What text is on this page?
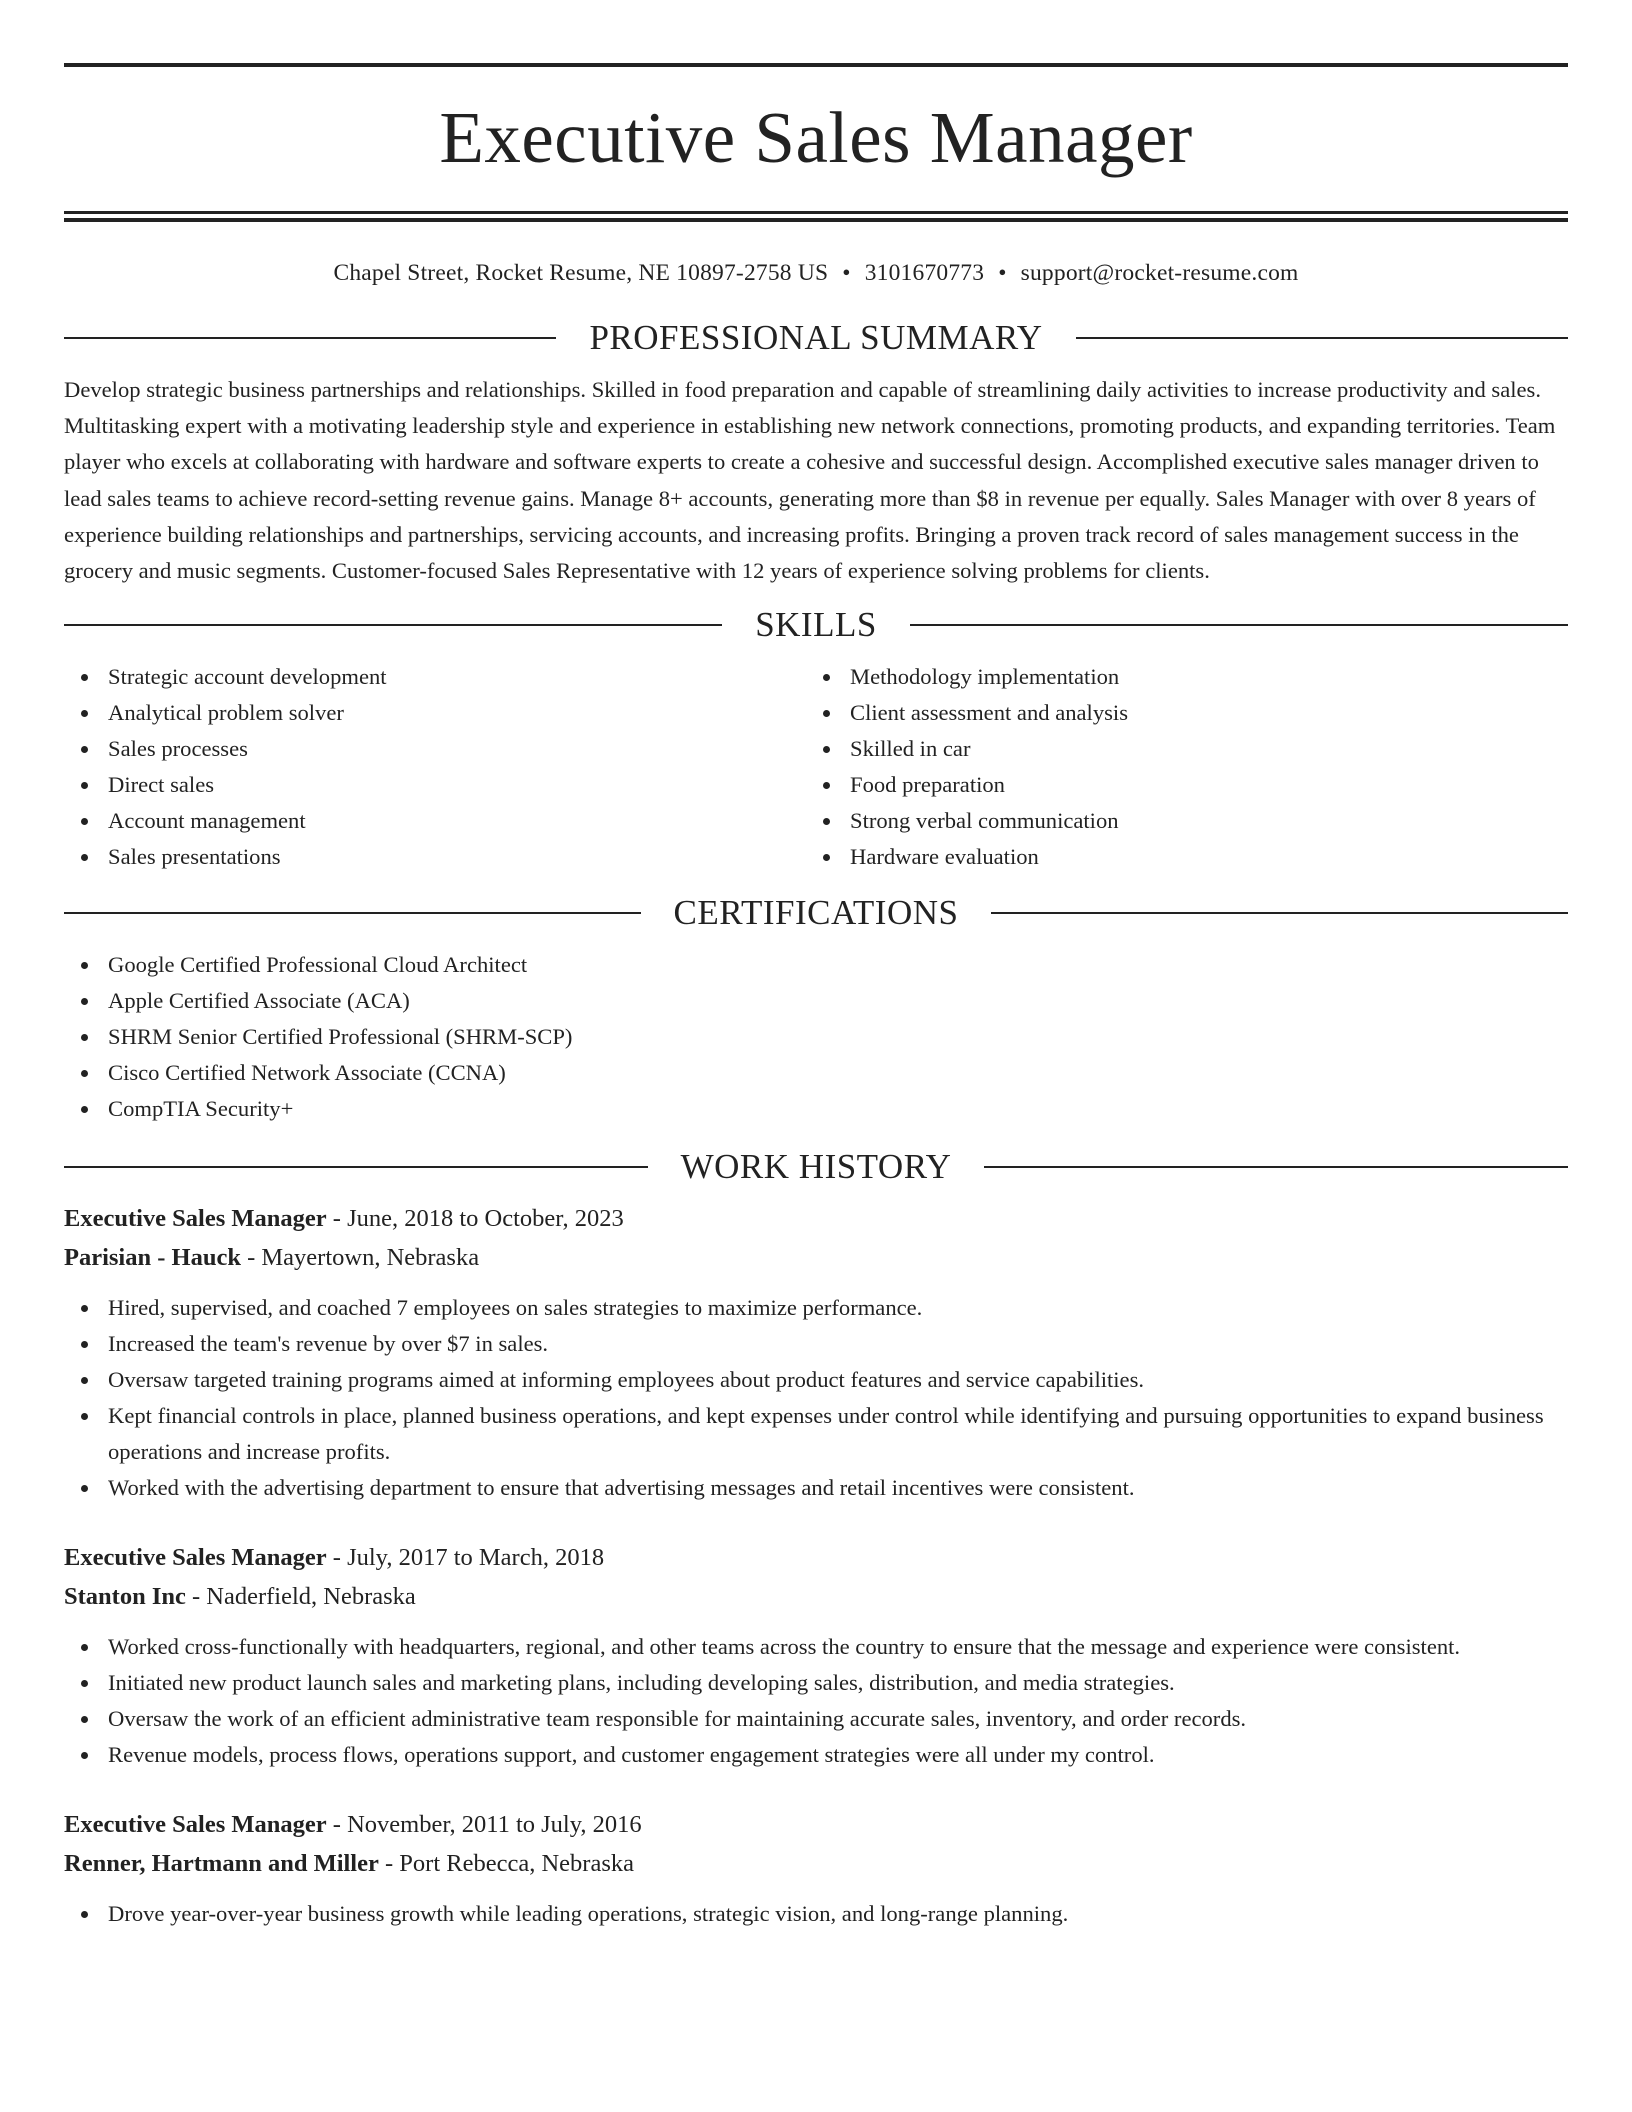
Executive Sales Manager
Chapel Street, Rocket Resume, NE 10897-2758 US • 3101670773 • support@rocket-resume.com
PROFESSIONAL SUMMARY

Develop strategic business partnerships and relationships. Skilled in food preparation and capable of streamlining daily activities to increase productivity and sales. Multitasking expert with a motivating leadership style and experience in establishing new network connections, promoting products, and expanding territories. Team player who excels at collaborating with hardware and software experts to create a cohesive and successful design. Accomplished executive sales manager driven to lead sales teams to achieve record-setting revenue gains. Manage 8+ accounts, generating more than $8 in revenue per equally. Sales Manager with over 8 years of experience building relationships and partnerships, servicing accounts, and increasing profits. Bringing a proven track record of sales management success in the grocery and music segments. Customer-focused Sales Representative with 12 years of experience solving problems for clients.

SKILLS
Strategic account development
Analytical problem solver
Sales processes
Direct sales
Account management
Sales presentations
Methodology implementation
Client assessment and analysis
Skilled in car
Food preparation
Strong verbal communication
Hardware evaluation
CERTIFICATIONS
Google Certified Professional Cloud Architect
Apple Certified Associate (ACA)
SHRM Senior Certified Professional (SHRM-SCP)
Cisco Certified Network Associate (CCNA)
CompTIA Security+
WORK HISTORY

Executive Sales Manager - June, 2018 to October, 2023

Parisian - Hauck - Mayertown, Nebraska

Hired, supervised, and coached 7 employees on sales strategies to maximize performance.
Increased the team's revenue by over $7 in sales.
Oversaw targeted training programs aimed at informing employees about product features and service capabilities.
Kept financial controls in place, planned business operations, and kept expenses under control while identifying and pursuing opportunities to expand business operations and increase profits.
Worked with the advertising department to ensure that advertising messages and retail incentives were consistent.

Executive Sales Manager - July, 2017 to March, 2018

Stanton Inc - Naderfield, Nebraska

Worked cross-functionally with headquarters, regional, and other teams across the country to ensure that the message and experience were consistent.
Initiated new product launch sales and marketing plans, including developing sales, distribution, and media strategies.
Oversaw the work of an efficient administrative team responsible for maintaining accurate sales, inventory, and order records.
Revenue models, process flows, operations support, and customer engagement strategies were all under my control.

Executive Sales Manager - November, 2011 to July, 2016

Renner, Hartmann and Miller - Port Rebecca, Nebraska

Drove year-over-year business growth while leading operations, strategic vision, and long-range planning.
